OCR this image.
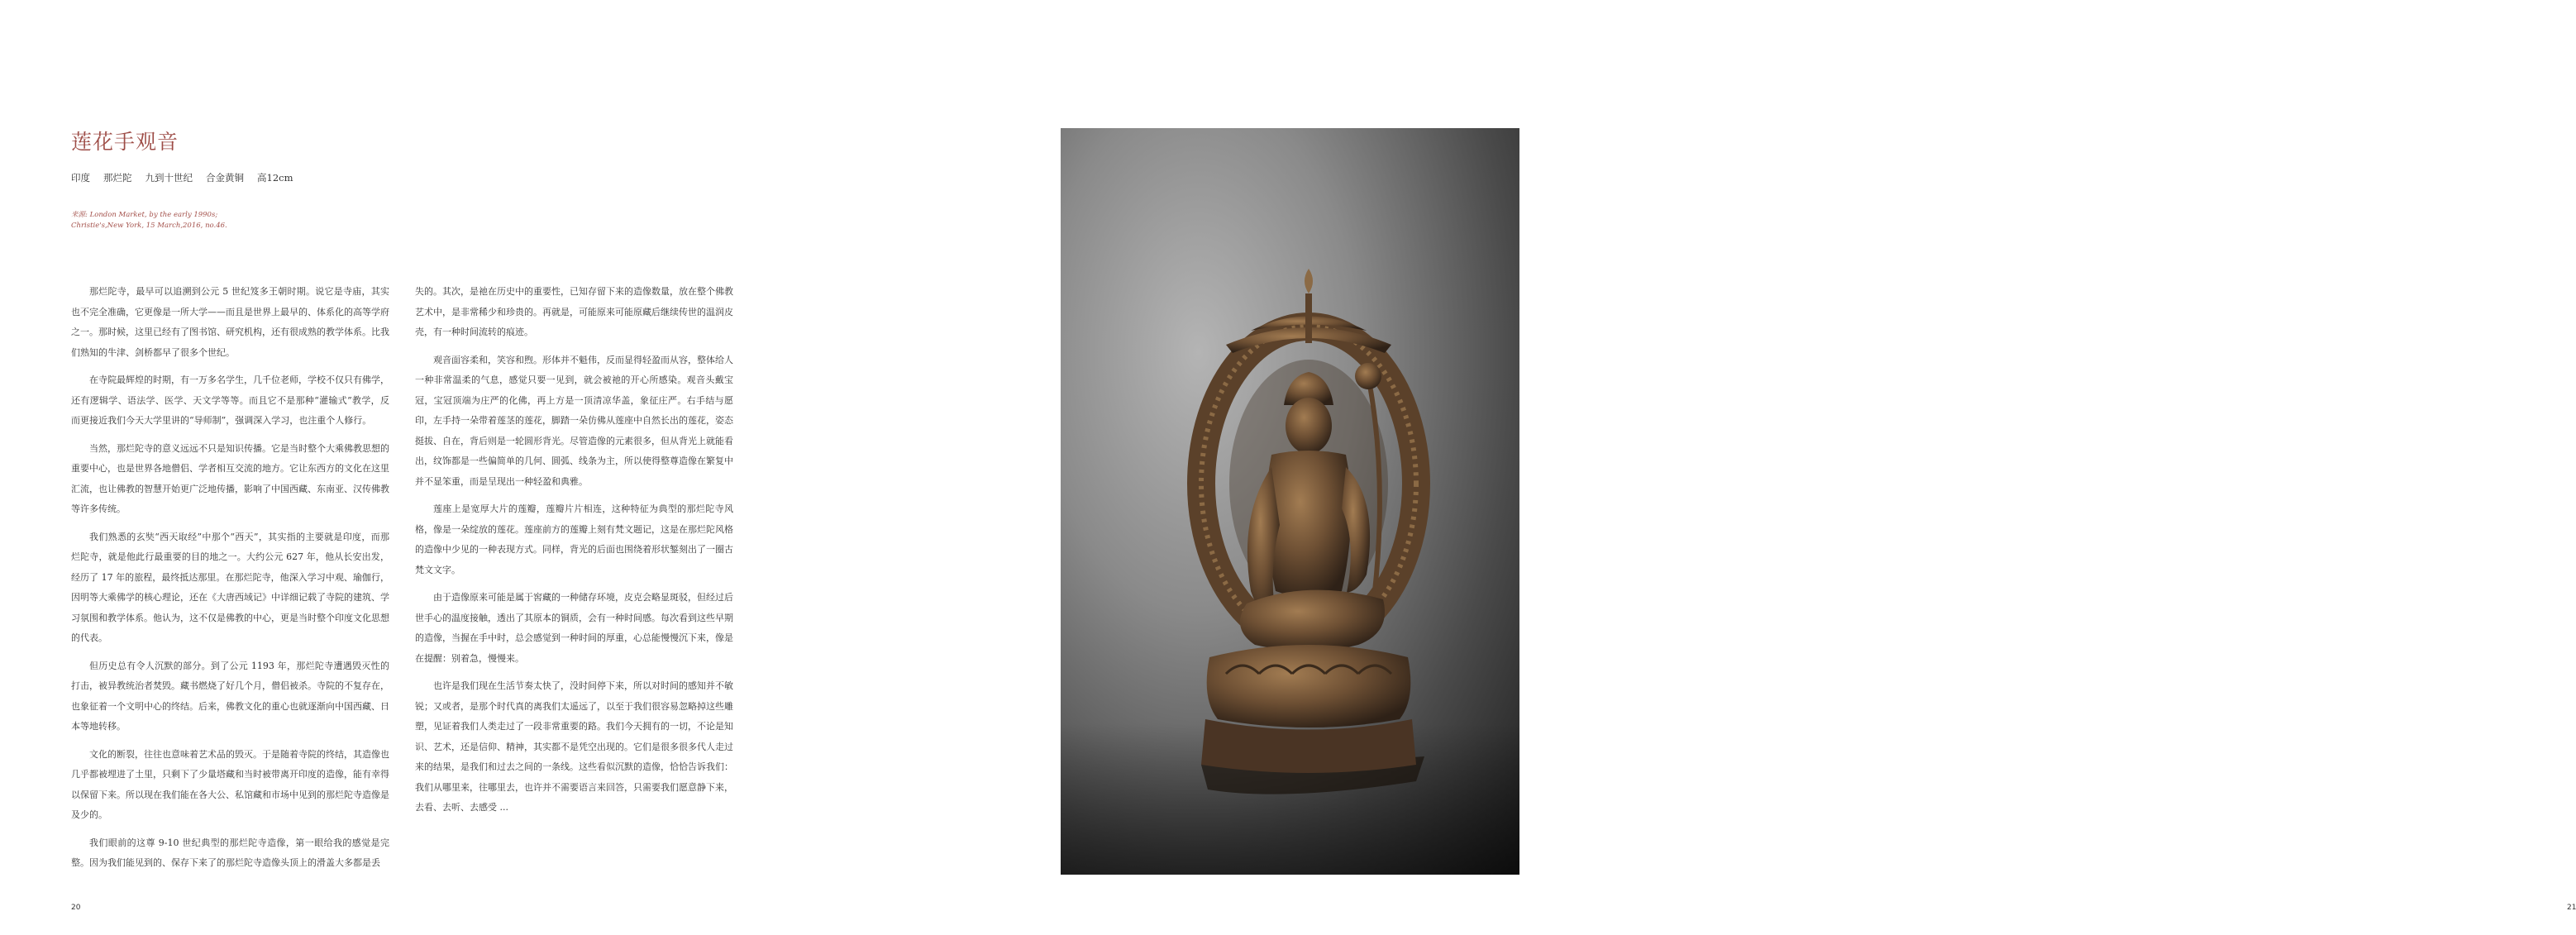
莲花手观音
印度 那烂陀 九到十世纪 合金黄铜 高12cm
来源: London Market, by the early 1990s;
Christie's,New York, 15 March,2016, no.46.

那烂陀寺，最早可以追溯到公元 5 世纪笈多王朝时期。说它是寺庙，其实也不完全准确，它更像是一所大学——而且是世界上最早的、体系化的高等学府之一。那时候，这里已经有了图书馆、研究机构，还有很成熟的教学体系。比我们熟知的牛津、剑桥都早了很多个世纪。

在寺院最辉煌的时期，有一万多名学生，几千位老师，学校不仅只有佛学，还有逻辑学、语法学、医学、天文学等等。而且它不是那种“灌输式”教学，反而更接近我们今天大学里讲的“导师制”，强调深入学习，也注重个人修行。

当然，那烂陀寺的意义远远不只是知识传播。它是当时整个大乘佛教思想的重要中心，也是世界各地僧侣、学者相互交流的地方。它让东西方的文化在这里汇流，也让佛教的智慧开始更广泛地传播，影响了中国西藏、东南亚、汉传佛教等许多传统。

我们熟悉的玄奘“西天取经”中那个“西天”，其实指的主要就是印度，而那烂陀寺，就是他此行最重要的目的地之一。大约公元 627 年，他从长安出发，经历了 17 年的旅程，最终抵达那里。在那烂陀寺，他深入学习中观、瑜伽行，因明等大乘佛学的核心理论，还在《大唐西域记》中详细记载了寺院的建筑、学习氛围和教学体系。他认为，这不仅是佛教的中心，更是当时整个印度文化思想的代表。

但历史总有令人沉默的部分。到了公元 1193 年，那烂陀寺遭遇毁灭性的打击，被异教统治者焚毁。藏书燃烧了好几个月，僧侣被杀。寺院的不复存在，也象征着一个文明中心的终结。后来，佛教文化的重心也就逐渐向中国西藏、日本等地转移。

文化的断裂，往往也意味着艺术品的毁灭。于是随着寺院的终结，其造像也几乎都被埋进了土里，只剩下了少量塔藏和当时被带离开印度的造像，能有幸得以保留下来。所以现在我们能在各大公、私馆藏和市场中见到的那烂陀寺造像是及少的。

我们眼前的这尊 9-10 世纪典型的那烂陀寺造像，第一眼给我的感觉是完整。因为我们能见到的、保存下来了的那烂陀寺造像头顶上的滑盖大多都是丢

失的。其次，是祂在历史中的重要性，已知存留下来的造像数量，放在整个佛教艺术中，是非常稀少和珍贵的。再就是，可能原来可能原藏后继续传世的温润皮壳，有一种时间流转的痕迹。

观音面容柔和，笑容和煦。形体并不魁伟，反而显得轻盈而从容，整体给人一种非常温柔的气息，感觉只要一见到，就会被祂的开心所感染。观音头戴宝冠，宝冠顶端为庄严的化佛，再上方是一顶清凉华盖，象征庄严。右手结与愿印，左手持一朵带着莲茎的莲花，脚踏一朵仿佛从莲座中自然长出的莲花，姿态挺拔、自在，背后则是一轮圆形背光。尽管造像的元素很多，但从背光上就能看出，纹饰都是一些偏简单的几何、圆弧、线条为主，所以使得整尊造像在繁复中并不显笨重，而是呈现出一种轻盈和典雅。

莲座上是宽厚大片的莲瓣，莲瓣片片相连，这种特征为典型的那烂陀寺风格，像是一朵绽放的莲花。莲座前方的莲瓣上刻有梵文题记，这是在那烂陀风格的造像中少见的一种表现方式。同样，背光的后面也围绕着形状錾刻出了一圈古梵文文字。

由于造像原来可能是属于窖藏的一种储存环境，皮克会略显斑驳，但经过后世手心的温度接触，透出了其原本的铜质，会有一种时间感。每次看到这些早期的造像，当握在手中时，总会感觉到一种时间的厚重，心总能慢慢沉下来，像是在提醒：别着急，慢慢来。

也许是我们现在生活节奏太快了，没时间停下来，所以对时间的感知并不敏锐；又或者，是那个时代真的离我们太遥远了，以至于我们很容易忽略掉这些雕塑，见证着我们人类走过了一段非常重要的路。我们今天拥有的一切，不论是知识、艺术，还是信仰、精神，其实都不是凭空出现的。它们是很多很多代人走过来的结果，是我们和过去之间的一条线。这些看似沉默的造像，恰恰告诉我们：我们从哪里来，往哪里去，也许并不需要语言来回答，只需要我们愿意静下来，去看、去听、去感受 ...

20	21
